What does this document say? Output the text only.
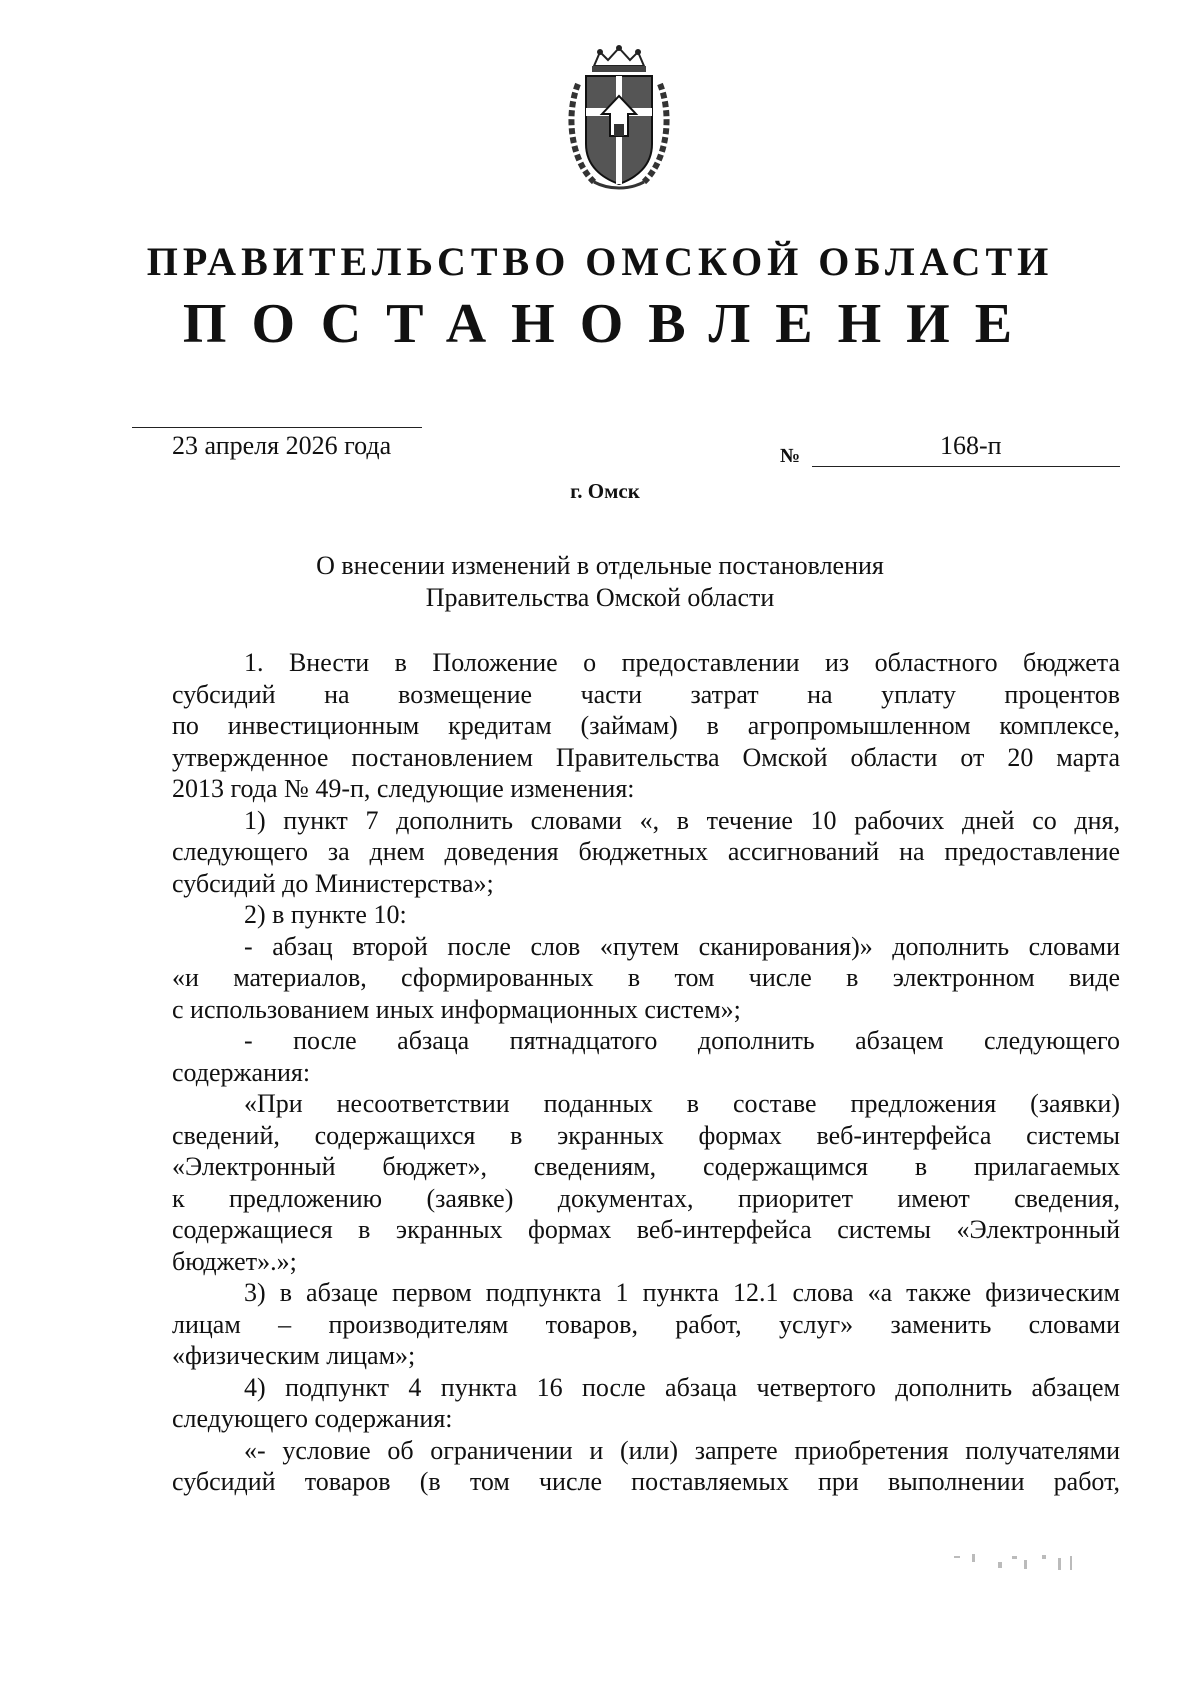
ПРАВИТЕЛЬСТВО ОМСКОЙ ОБЛАСТИ
ПОСТАНОВЛЕНИЕ
23 апреля 2026 года	№	168-п
г. Омск
О внесении изменений в отдельные постановления
Правительства Омской области

1. Внести в Положение о предоставлении из областного бюджета

субсидий на возмещение части затрат на уплату процентов

по инвестиционным кредитам (займам) в агропромышленном комплексе,

утвержденное постановлением Правительства Омской области от 20 марта

2013 года № 49-п, следующие изменения:

1) пункт 7 дополнить словами «, в течение 10 рабочих дней со дня,

следующего за днем доведения бюджетных ассигнований на предоставление

субсидий до Министерства»;

2) в пункте 10:

- абзац второй после слов «путем сканирования)» дополнить словами

«и материалов, сформированных в том числе в электронном виде

с использованием иных информационных систем»;

- после абзаца пятнадцатого дополнить абзацем следующего

содержания:

«При несоответствии поданных в составе предложения (заявки)

сведений, содержащихся в экранных формах веб-интерфейса системы

«Электронный бюджет», сведениям, содержащимся в прилагаемых

к предложению (заявке) документах, приоритет имеют сведения,

содержащиеся в экранных формах веб-интерфейса системы «Электронный

бюджет».»;

3) в абзаце первом подпункта 1 пункта 12.1 слова «а также физическим

лицам – производителям товаров, работ, услуг» заменить словами

«физическим лицам»;

4) подпункт 4 пункта 16 после абзаца четвертого дополнить абзацем

следующего содержания:

«- условие об ограничении и (или) запрете приобретения получателями

субсидий товаров (в том числе поставляемых при выполнении работ,
